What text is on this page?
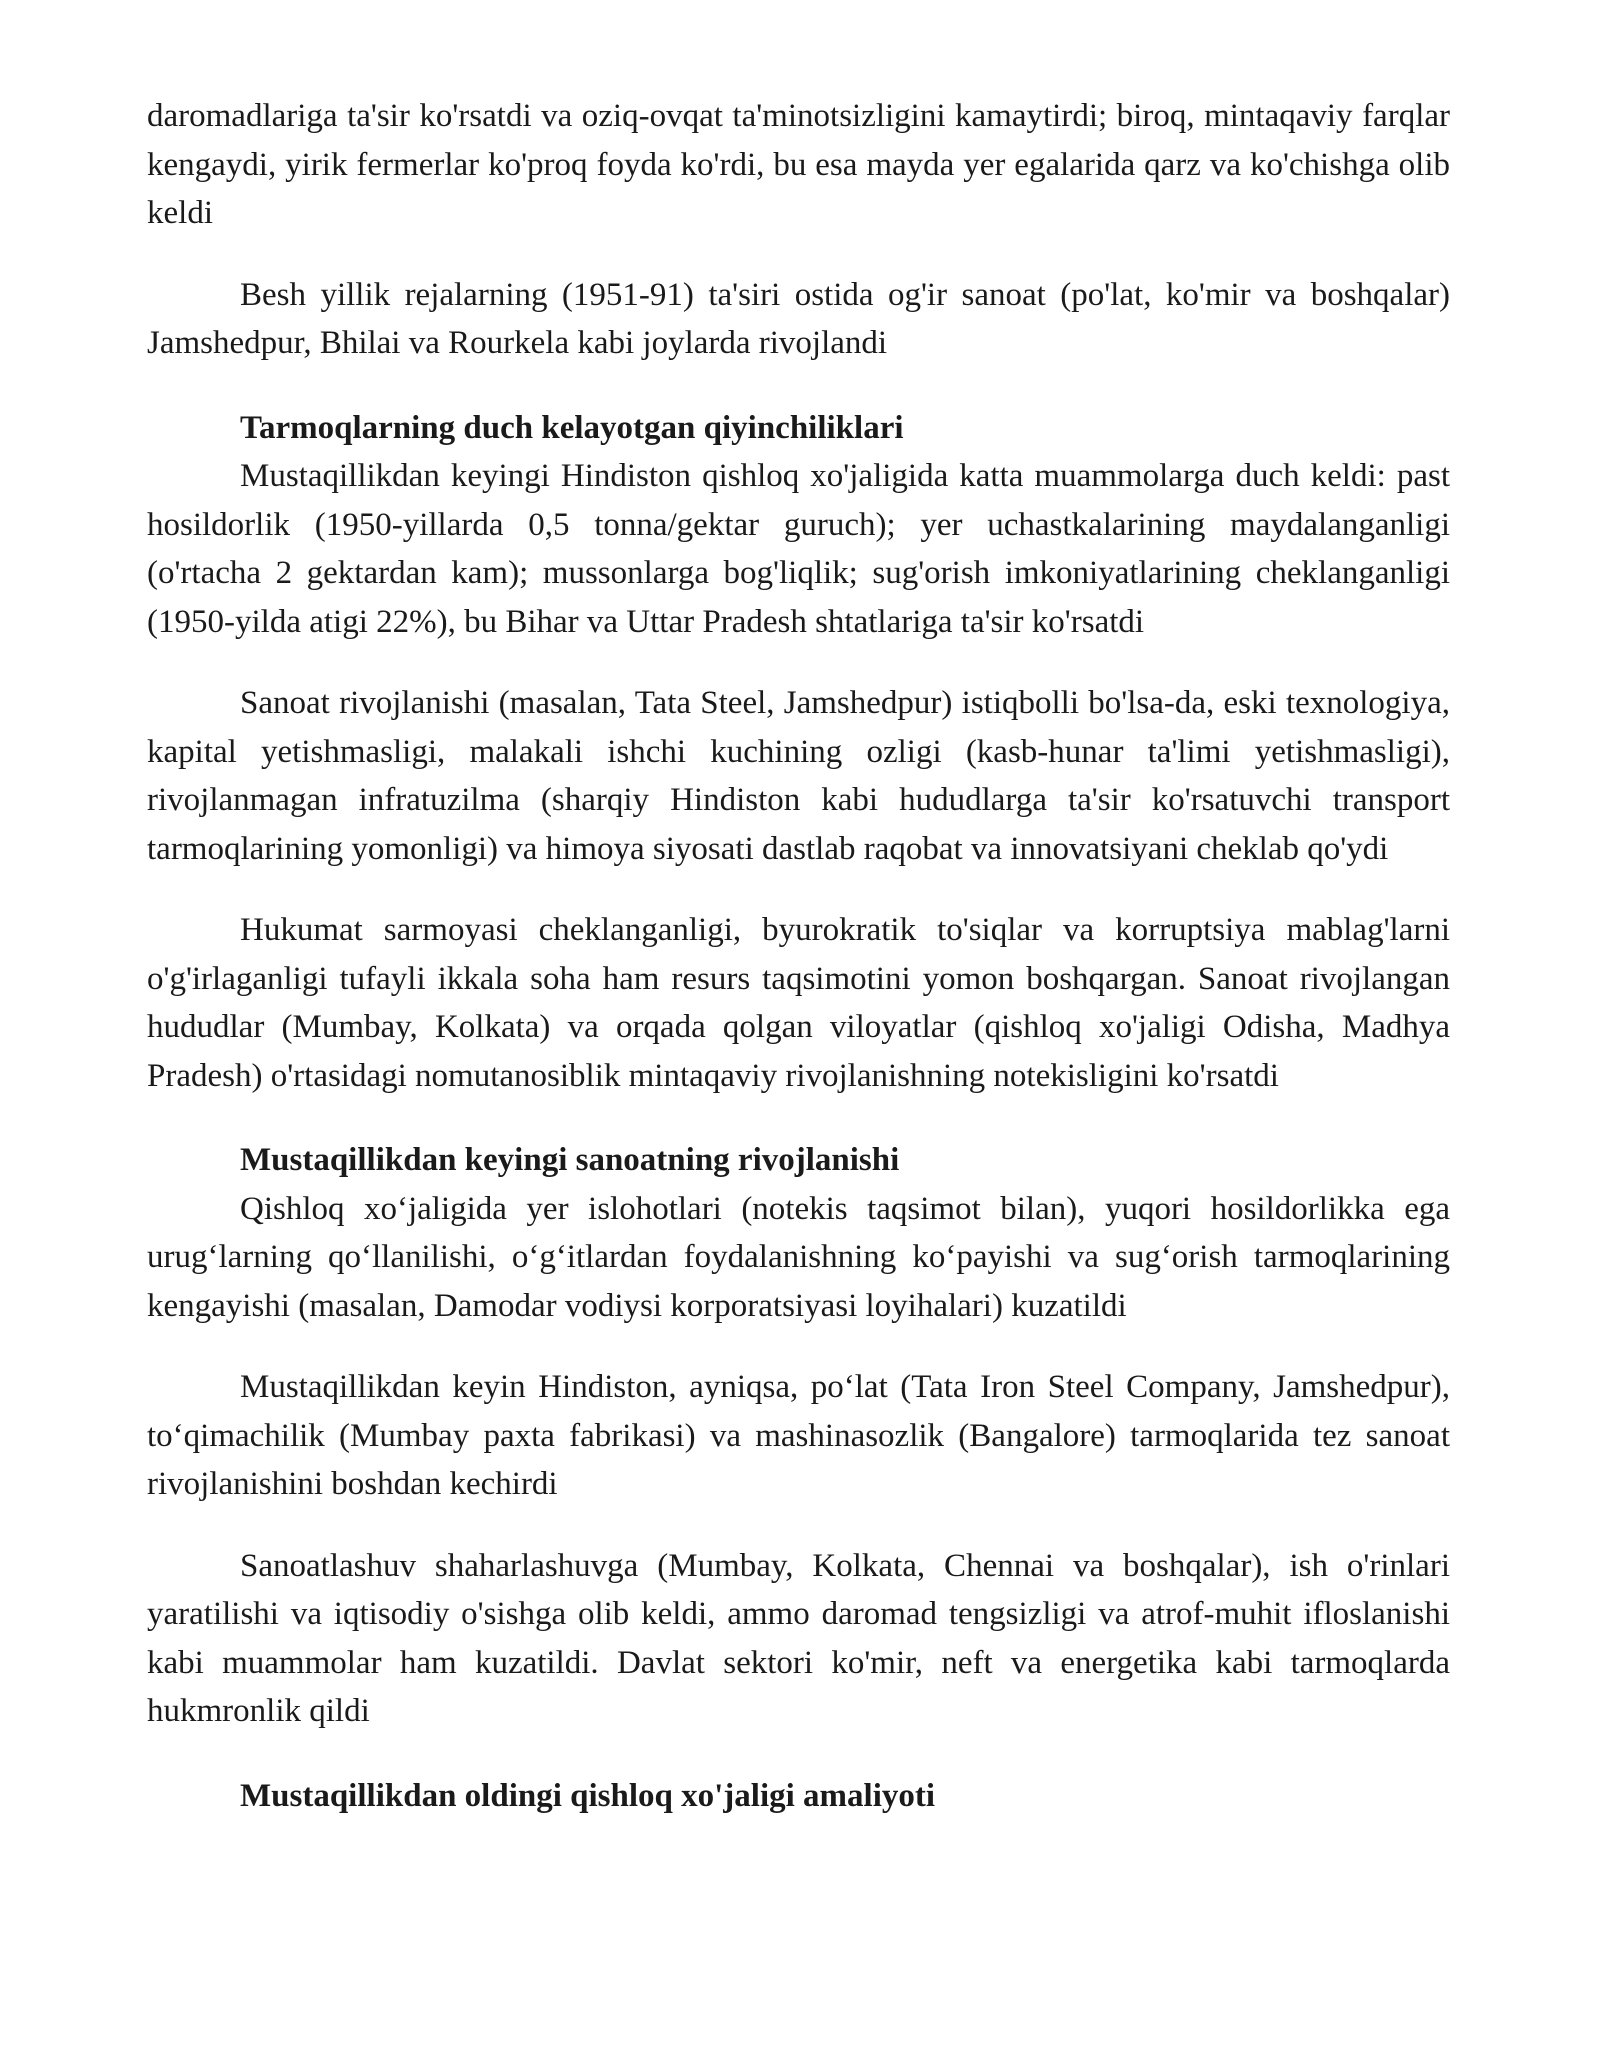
daromadlariga ta'sir ko'rsatdi va oziq-ovqat ta'minotsizligini kamaytirdi; biroq, mintaqaviy farqlar kengaydi, yirik fermerlar ko'proq foyda ko'rdi, bu esa mayda yer egalarida qarz va ko'chishga olib keldi

Besh yillik rejalarning (1951-91) ta'siri ostida og'ir sanoat (po'lat, ko'mir va boshqalar) Jamshedpur, Bhilai va Rourkela kabi joylarda rivojlandi

Tarmoqlarning duch kelayotgan qiyinchiliklari

Mustaqillikdan keyingi Hindiston qishloq xo'jaligida katta muammolarga duch keldi: past hosildorlik (1950-yillarda 0,5 tonna/gektar guruch); yer uchastkalarining maydalanganligi (o'rtacha 2 gektardan kam); mussonlarga bog'liqlik; sug'orish imkoniyatlarining cheklanganligi (1950-yilda atigi 22%), bu Bihar va Uttar Pradesh shtatlariga ta'sir ko'rsatdi

Sanoat rivojlanishi (masalan, Tata Steel, Jamshedpur) istiqbolli bo'lsa-da, eski texnologiya, kapital yetishmasligi, malakali ishchi kuchining ozligi (kasb-hunar ta'limi yetishmasligi), rivojlanmagan infratuzilma (sharqiy Hindiston kabi hududlarga ta'sir ko'rsatuvchi transport tarmoqlarining yomonligi) va himoya siyosati dastlab raqobat va innovatsiyani cheklab qo'ydi

Hukumat sarmoyasi cheklanganligi, byurokratik to'siqlar va korruptsiya mablag'larni o'g'irlaganligi tufayli ikkala soha ham resurs taqsimotini yomon boshqargan. Sanoat rivojlangan hududlar (Mumbay, Kolkata) va orqada qolgan viloyatlar (qishloq xo'jaligi Odisha, Madhya Pradesh) o'rtasidagi nomutanosiblik mintaqaviy rivojlanishning notekisligini ko'rsatdi

Mustaqillikdan keyingi sanoatning rivojlanishi

Qishloq xoʻjaligida yer islohotlari (notekis taqsimot bilan), yuqori hosildorlikka ega urugʻlarning qoʻllanilishi, oʻgʻitlardan foydalanishning koʻpayishi va sugʻorish tarmoqlarining kengayishi (masalan, Damodar vodiysi korporatsiyasi loyihalari) kuzatildi

Mustaqillikdan keyin Hindiston, ayniqsa, poʻlat (Tata Iron Steel Company, Jamshedpur), toʻqimachilik (Mumbay paxta fabrikasi) va mashinasozlik (Bangalore) tarmoqlarida tez sanoat rivojlanishini boshdan kechirdi

Sanoatlashuv shaharlashuvga (Mumbay, Kolkata, Chennai va boshqalar), ish o'rinlari yaratilishi va iqtisodiy o'sishga olib keldi, ammo daromad tengsizligi va atrof-muhit ifloslanishi kabi muammolar ham kuzatildi. Davlat sektori ko'mir, neft va energetika kabi tarmoqlarda hukmronlik qildi

Mustaqillikdan oldingi qishloq xo'jaligi amaliyoti
